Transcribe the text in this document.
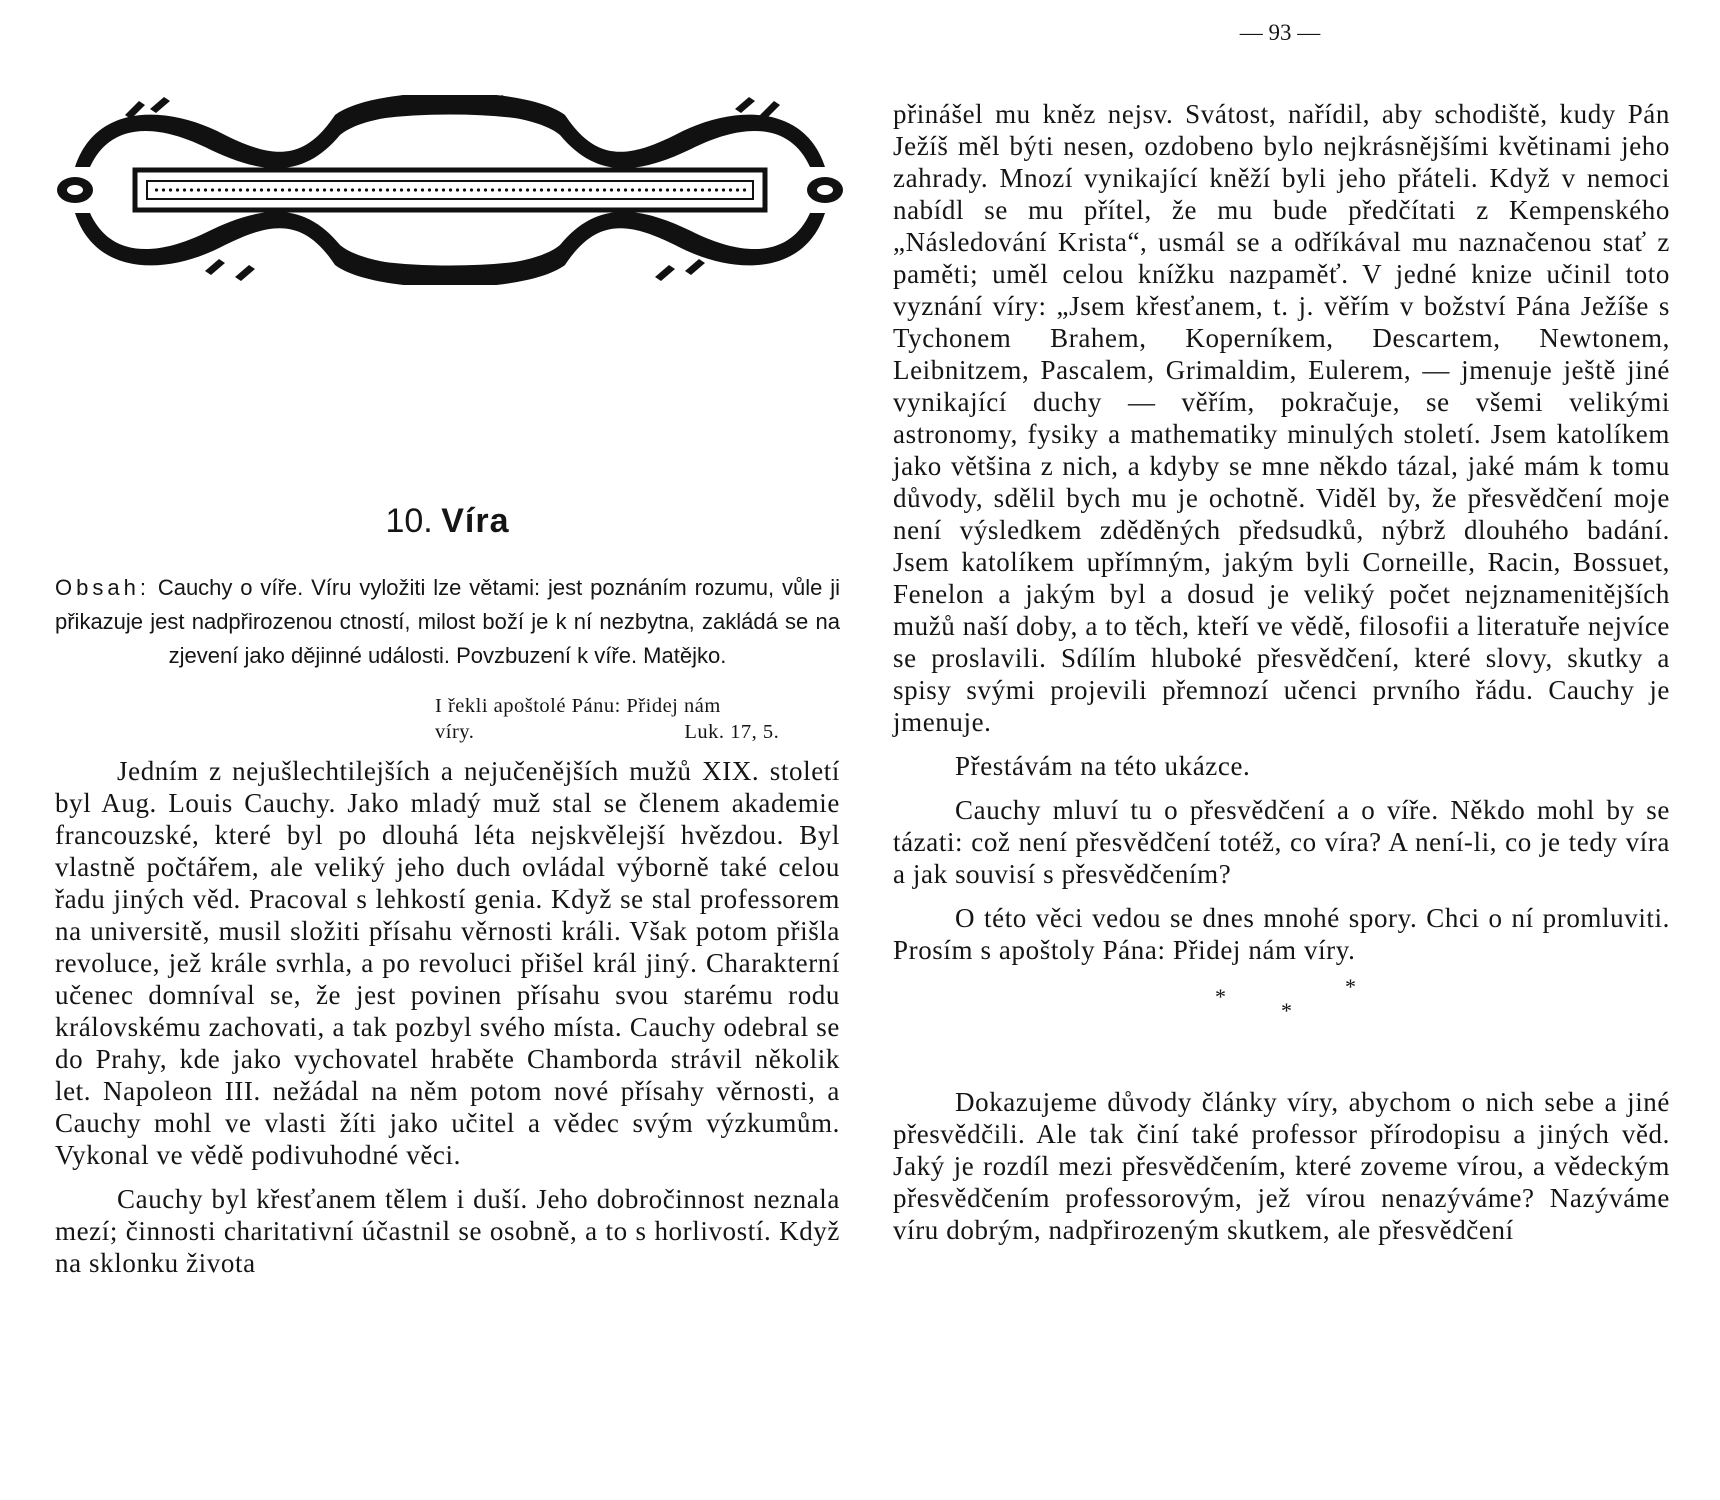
— 93 —
10. Víra
Obsah: Cauchy o víře. Víru vyložiti lze větami: jest poznáním rozumu, vůle ji přikazuje jest nadpřirozenou ctností, milost boží je k ní nezbytna, zakládá se na zjevení jako dějinné události. Povzbuzení k víře. Matějko.
I řekli apoštolé Pánu: Přidej nám
víry.	Luk. 17, 5.

Jedním z nejušlechtilejších a nejučenějších mužů XIX. století byl Aug. Louis Cauchy. Jako mladý muž stal se členem akademie francouzské, které byl po dlouhá léta nejskvělejší hvězdou. Byl vlastně počtářem, ale veliký jeho duch ovládal výborně také celou řadu jiných věd. Pracoval s lehkostí genia. Když se stal professorem na universitě, musil složiti přísahu věrnosti králi. Však potom přišla revoluce, jež krále svrhla, a po revoluci přišel král jiný. Charakterní učenec domníval se, že jest povinen přísahu svou starému rodu královskému zachovati, a tak pozbyl svého místa. Cauchy odebral se do Prahy, kde jako vychovatel hraběte Chamborda strávil několik let. Napoleon III. nežádal na něm potom nové přísahy věrnosti, a Cauchy mohl ve vlasti žíti jako učitel a vědec svým výzkumům. Vykonal ve vědě podivuhodné věci.

Cauchy byl křesťanem tělem i duší. Jeho dobročinnost neznala mezí; činnosti charitativní účastnil se osobně, a to s horlivostí. Když na sklonku života

přinášel mu kněz nejsv. Svátost, nařídil, aby schodiště, kudy Pán Ježíš měl býti nesen, ozdobeno bylo nejkrásnějšími květinami jeho zahrady. Mnozí vynikající kněží byli jeho přáteli. Když v nemoci nabídl se mu přítel, že mu bude předčítati z Kempenského „Následování Krista“, usmál se a odříkával mu naznačenou stať z paměti; uměl celou knížku nazpaměť. V jedné knize učinil toto vyznání víry: „Jsem křesťanem, t. j. věřím v božství Pána Ježíše s Tychonem Brahem, Koperníkem, Descartem, Newtonem, Leibnitzem, Pascalem, Grimaldim, Eulerem, — jmenuje ještě jiné vynikající duchy — věřím, pokračuje, se všemi velikými astronomy, fysiky a mathematiky minulých století. Jsem katolíkem jako většina z nich, a kdyby se mne někdo tázal, jaké mám k tomu důvody, sdělil bych mu je ochotně. Viděl by, že přesvědčení moje není výsledkem zděděných předsudků, nýbrž dlouhého badání. Jsem katolíkem upřímným, jakým byli Corneille, Racin, Bossuet, Fenelon a jakým byl a dosud je veliký počet nejznamenitějších mužů naší doby, a to těch, kteří ve vědě, filosofii a literatuře nejvíce se proslavili. Sdílím hluboké přesvědčení, které slovy, skutky a spisy svými projevili přemnozí učenci prvního řádu. Cauchy je jmenuje.

Přestávám na této ukázce.

Cauchy mluví tu o přesvědčení a o víře. Někdo mohl by se tázati: což není přesvědčení totéž, co víra? A není-li, co je tedy víra a jak souvisí s přesvědčením?

O této věci vedou se dnes mnohé spory. Chci o ní promluviti. Prosím s apoštoly Pána: Přidej nám víry.

*	*
*

Dokazujeme důvody články víry, abychom o nich sebe a jiné přesvědčili. Ale tak činí také professor přírodopisu a jiných věd. Jaký je rozdíl mezi přesvědčením, které zoveme vírou, a vědeckým přesvědčením professorovým, jež vírou nenazýváme? Nazýváme víru dobrým, nadpřirozeným skutkem, ale přesvědčení
